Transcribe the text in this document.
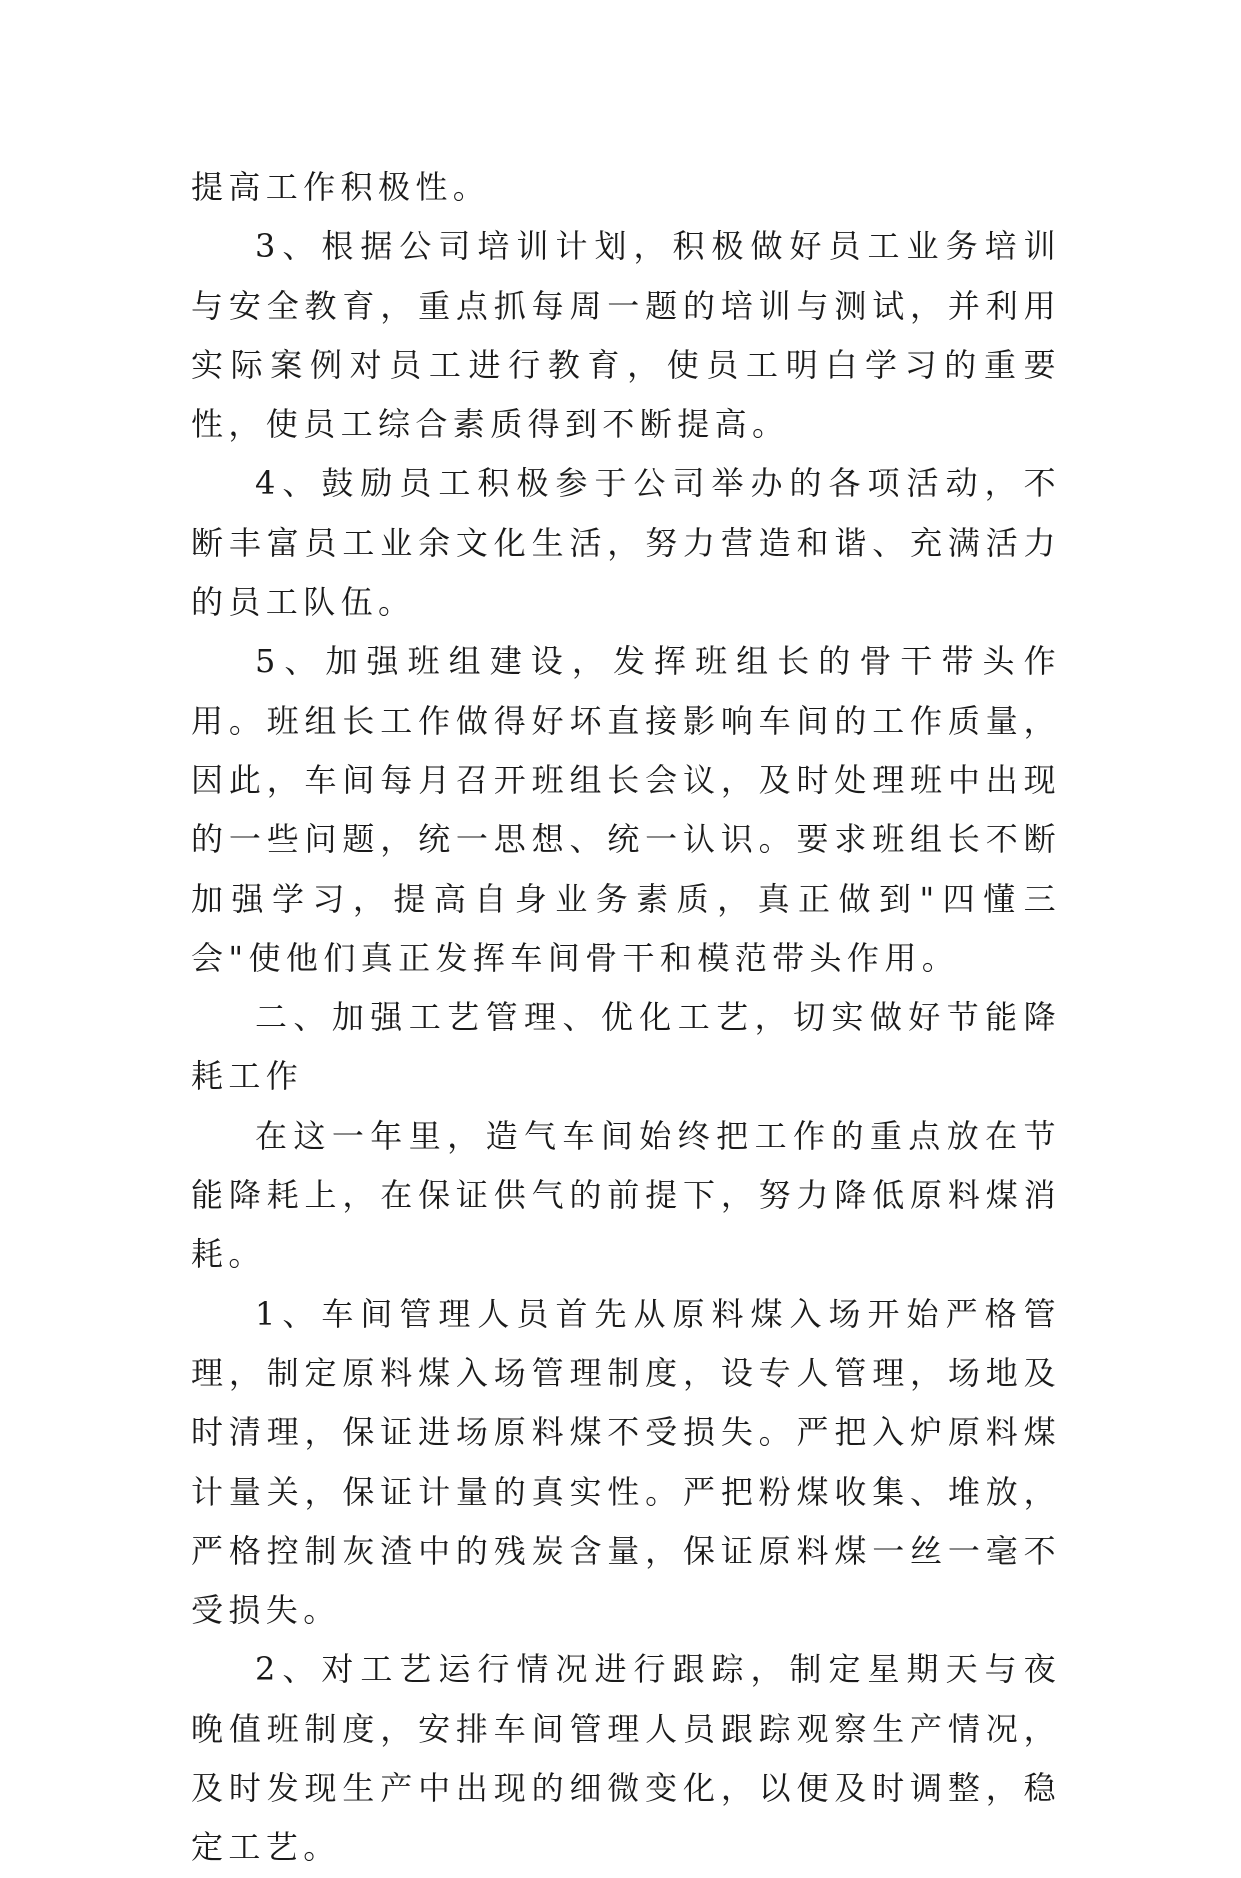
提高工作积极性。

3、根据公司培训计划，积极做好员工业务培训与安全教育，重点抓每周一题的培训与测试，并利用实际案例对员工进行教育，使员工明白学习的重要性，使员工综合素质得到不断提高。

4、鼓励员工积极参于公司举办的各项活动，不断丰富员工业余文化生活，努力营造和谐、充满活力的员工队伍。

5、加强班组建设，发挥班组长的骨干带头作用。班组长工作做得好坏直接影响车间的工作质量，因此，车间每月召开班组长会议，及时处理班中出现的一些问题，统一思想、统一认识。要求班组长不断加强学习，提高自身业务素质，真正做到"四懂三会"使他们真正发挥车间骨干和模范带头作用。

二、加强工艺管理、优化工艺，切实做好节能降耗工作

在这一年里，造气车间始终把工作的重点放在节能降耗上，在保证供气的前提下，努力降低原料煤消耗。

1、车间管理人员首先从原料煤入场开始严格管理，制定原料煤入场管理制度，设专人管理，场地及时清理，保证进场原料煤不受损失。严把入炉原料煤计量关，保证计量的真实性。严把粉煤收集、堆放，严格控制灰渣中的残炭含量，保证原料煤一丝一毫不受损失。

2、对工艺运行情况进行跟踪，制定星期天与夜晚值班制度，安排车间管理人员跟踪观察生产情况，及时发现生产中出现的细微变化，以便及时调整，稳定工艺。
